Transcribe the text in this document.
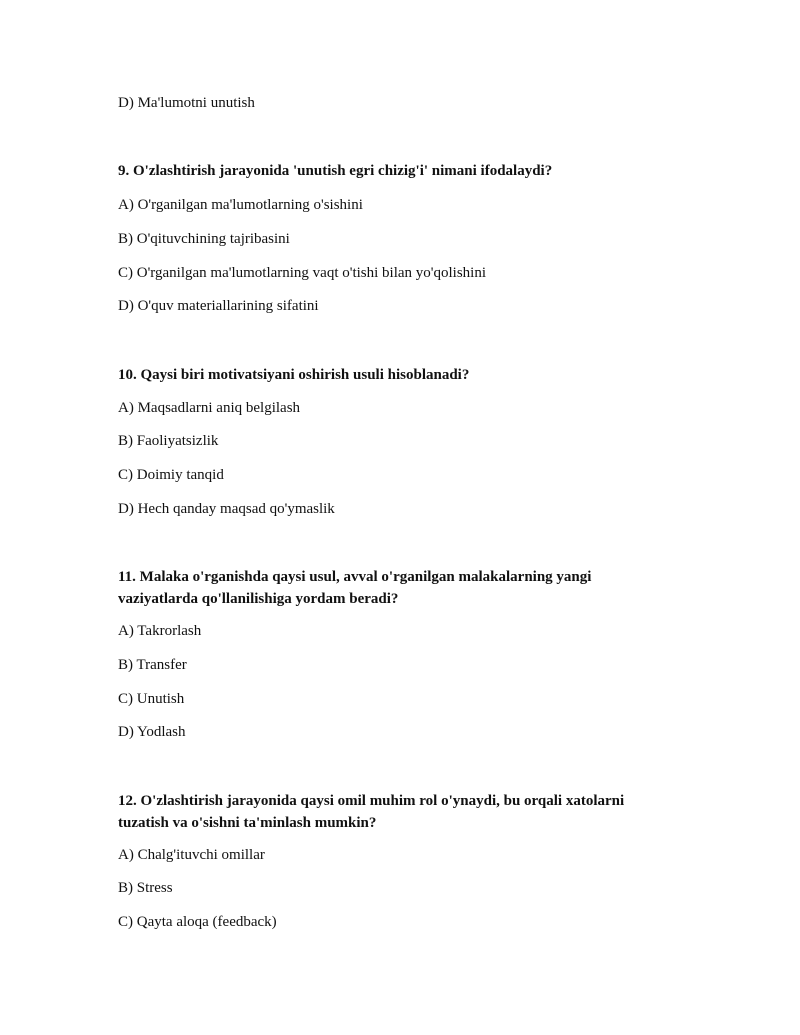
D) Ma'lumotni unutish
9. O'zlashtirish jarayonida 'unutish egri chizig'i' nimani ifodalaydi?
A) O'rganilgan ma'lumotlarning o'sishini
B) O'qituvchining tajribasini
C) O'rganilgan ma'lumotlarning vaqt o'tishi bilan yo'qolishini
D) O'quv materiallarining sifatini
10. Qaysi biri motivatsiyani oshirish usuli hisoblanadi?
A) Maqsadlarni aniq belgilash
B) Faoliyatsizlik
C) Doimiy tanqid
D) Hech qanday maqsad qo'ymaslik
11. Malaka o'rganishda qaysi usul, avval o'rganilgan malakalarning yangi
vaziyatlarda qo'llanilishiga yordam beradi?
A) Takrorlash
B) Transfer
C) Unutish
D) Yodlash
12. O'zlashtirish jarayonida qaysi omil muhim rol o'ynaydi, bu orqali xatolarni
tuzatish va o'sishni ta'minlash mumkin?
A) Chalg'ituvchi omillar
B) Stress
C) Qayta aloqa (feedback)
